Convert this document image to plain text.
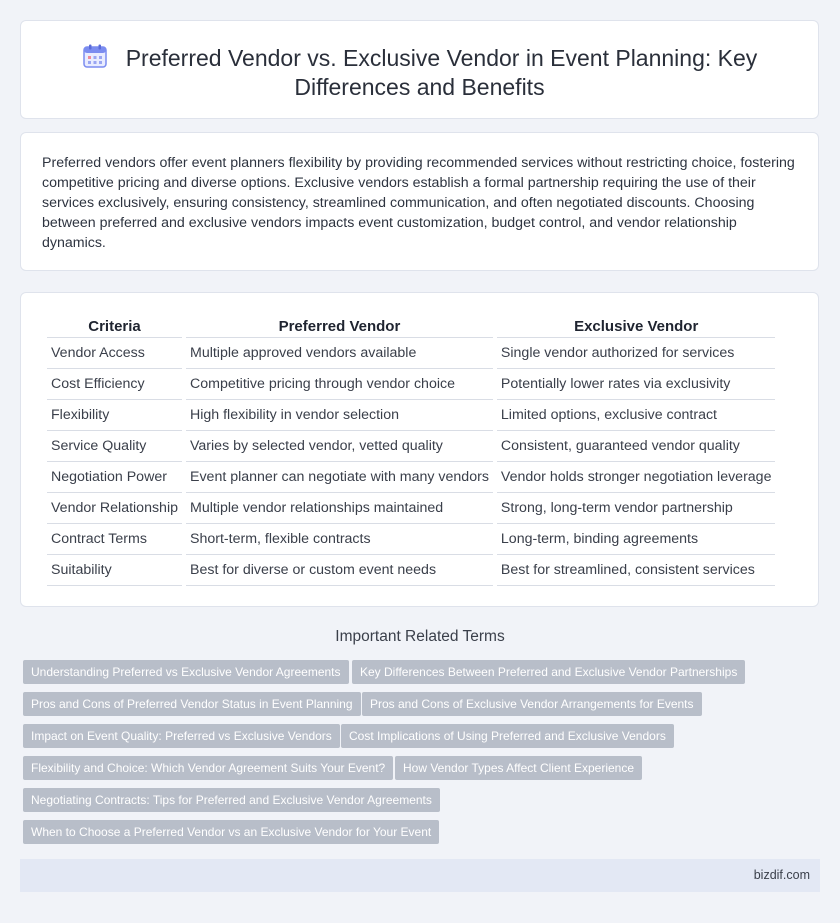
Preferred Vendor vs. Exclusive Vendor in Event Planning: Key Differences and Benefits
Preferred vendors offer event planners flexibility by providing recommended services without restricting choice, fostering competitive pricing and diverse options. Exclusive vendors establish a formal partnership requiring the use of their services exclusively, ensuring consistency, streamlined communication, and often negotiated discounts. Choosing between preferred and exclusive vendors impacts event customization, budget control, and vendor relationship dynamics.
Criteria	Preferred Vendor	Exclusive Vendor
Vendor Access	Multiple approved vendors available	Single vendor authorized for services
Cost Efficiency	Competitive pricing through vendor choice	Potentially lower rates via exclusivity
Flexibility	High flexibility in vendor selection	Limited options, exclusive contract
Service Quality	Varies by selected vendor, vetted quality	Consistent, guaranteed vendor quality
Negotiation Power	Event planner can negotiate with many vendors	Vendor holds stronger negotiation leverage
Vendor Relationship	Multiple vendor relationships maintained	Strong, long-term vendor partnership
Contract Terms	Short-term, flexible contracts	Long-term, binding agreements
Suitability	Best for diverse or custom event needs	Best for streamlined, consistent services
Important Related Terms
Understanding Preferred vs Exclusive Vendor Agreements	Key Differences Between Preferred and Exclusive Vendor Partnerships
Pros and Cons of Preferred Vendor Status in Event Planning	Pros and Cons of Exclusive Vendor Arrangements for Events
Impact on Event Quality: Preferred vs Exclusive Vendors	Cost Implications of Using Preferred and Exclusive Vendors
Flexibility and Choice: Which Vendor Agreement Suits Your Event?	How Vendor Types Affect Client Experience
Negotiating Contracts: Tips for Preferred and Exclusive Vendor Agreements
When to Choose a Preferred Vendor vs an Exclusive Vendor for Your Event
bizdif.com
